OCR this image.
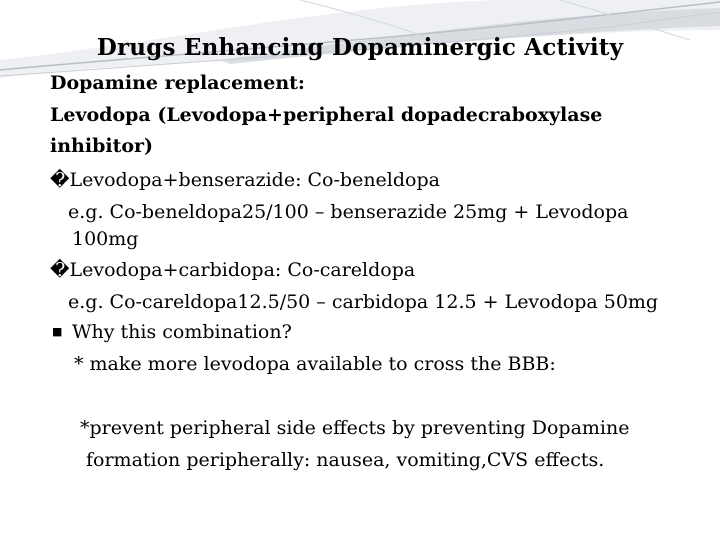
Drugs Enhancing Dopaminergic Activity
Dopamine replacement:
Levodopa (Levodopa+peripheral dopadecraboxylase
inhibitor)
�Levodopa+benserazide: Co-beneldopa
e.g. Co-beneldopa25/100 – benserazide 25mg + Levodopa
100mg
�Levodopa+carbidopa: Co-careldopa
e.g. Co-careldopa12.5/50 – carbidopa 12.5 + Levodopa 50mg
■ Why this combination?
* make more levodopa available to cross the BBB:
*prevent peripheral side effects by preventing Dopamine
formation peripherally: nausea, vomiting,CVS effects.
